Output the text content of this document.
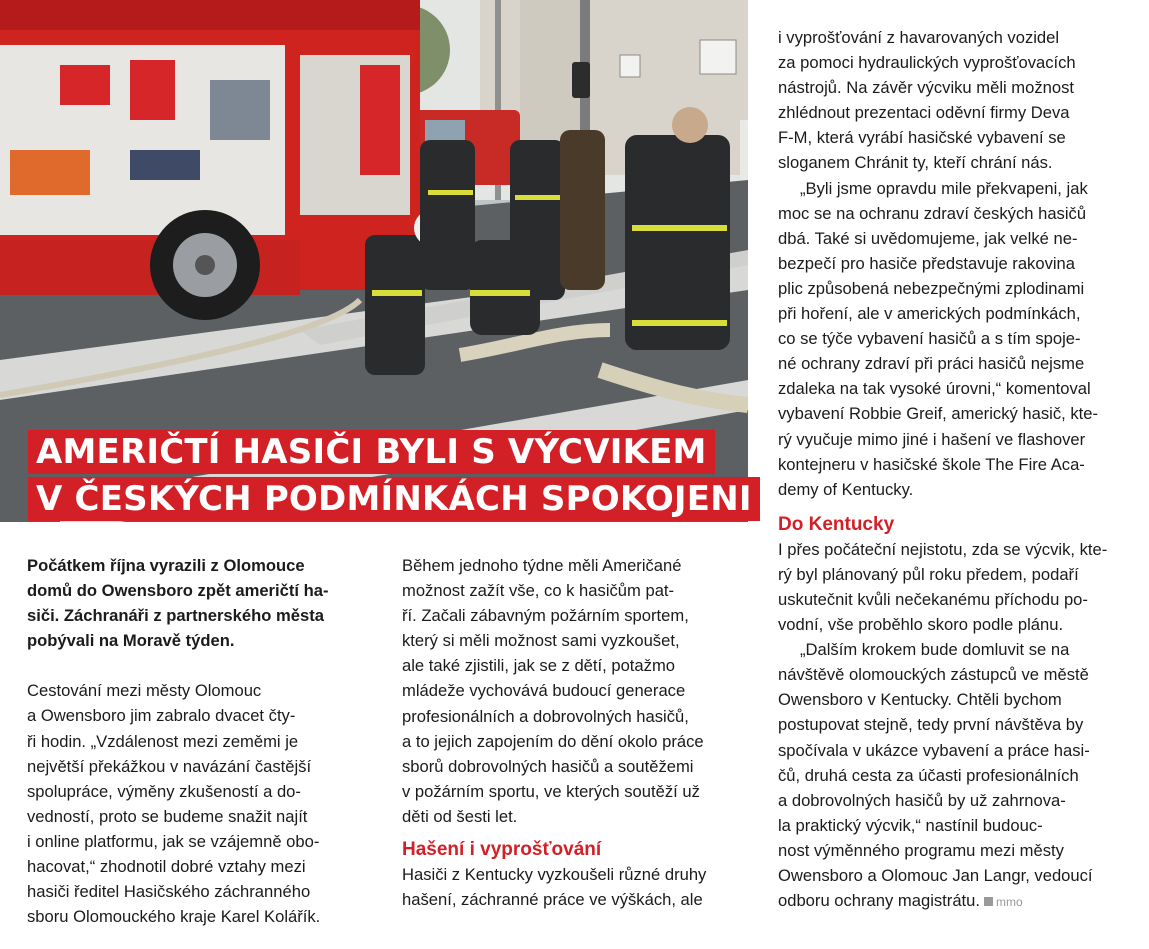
AMERIČTÍ HASIČI BYLI S VÝCVIKEM
V ČESKÝCH PODMÍNKÁCH SPOKOJENI

Počátkem října vyrazili z Olomouce

domů do Owensboro zpět američtí ha-

siči. Záchranáři z partnerského města

pobývali na Moravě týden.

Cestování mezi městy Olomouc

a Owensboro jim zabralo dvacet čty-

ři hodin. „Vzdálenost mezi zeměmi je

největší překážkou v navázání častější

spolupráce, výměny zkušeností a do-

vedností, proto se budeme snažit najít

i online platformu, jak se vzájemně obo-

hacovat,“ zhodnotil dobré vztahy mezi

hasiči ředitel Hasičského záchranného

sboru Olomouckého kraje Karel Kolářík.

Během jednoho týdne měli Američané

možnost zažít vše, co k hasičům pat-

ří. Začali zábavným požárním sportem,

který si měli možnost sami vyzkoušet,

ale také zjistili, jak se z dětí, potažmo

mládeže vychovává budoucí generace

profesionálních a dobrovolných hasičů,

a to jejich zapojením do dění okolo práce

sborů dobrovolných hasičů a soutěžemi

v požárním sportu, ve kterých soutěží už

děti od šesti let.

Hašení i vyprošťování

Hasiči z Kentucky vyzkoušeli různé druhy

hašení, záchranné práce ve výškách, ale

i vyprošťování z havarovaných vozidel

za pomoci hydraulických vyprošťovacích

nástrojů. Na závěr výcviku měli možnost

zhlédnout prezentaci oděvní firmy Deva

F-M, která vyrábí hasičské vybavení se

sloganem Chránit ty, kteří chrání nás.

„Byli jsme opravdu mile překvapeni, jak

moc se na ochranu zdraví českých hasičů

dbá. Také si uvědomujeme, jak velké ne-

bezpečí pro hasiče představuje rakovina

plic způsobená nebezpečnými zplodinami

při hoření, ale v amerických podmínkách,

co se týče vybavení hasičů a s tím spoje-

né ochrany zdraví při práci hasičů nejsme

zdaleka na tak vysoké úrovni,“ komentoval

vybavení Robbie Greif, americký hasič, kte-

rý vyučuje mimo jiné i hašení ve flashover

kontejneru v hasičské škole The Fire Aca-

demy of Kentucky.

Do Kentucky

I přes počáteční nejistotu, zda se výcvik, kte-

rý byl plánovaný půl roku předem, podaří

uskutečnit kvůli nečekanému příchodu po-

vodní, vše proběhlo skoro podle plánu.

„Dalším krokem bude domluvit se na

návštěvě olomouckých zástupců ve městě

Owensboro v Kentucky. Chtěli bychom

postupovat stejně, tedy první návštěva by

spočívala v ukázce vybavení a práce hasi-

čů, druhá cesta za účasti profesionálních

a dobrovolných hasičů by už zahrnova-

la praktický výcvik,“ nastínil budouc-

nost výměnného programu mezi městy

Owensboro a Olomouc Jan Langr, vedoucí

odboru ochrany magistrátu. mmo
